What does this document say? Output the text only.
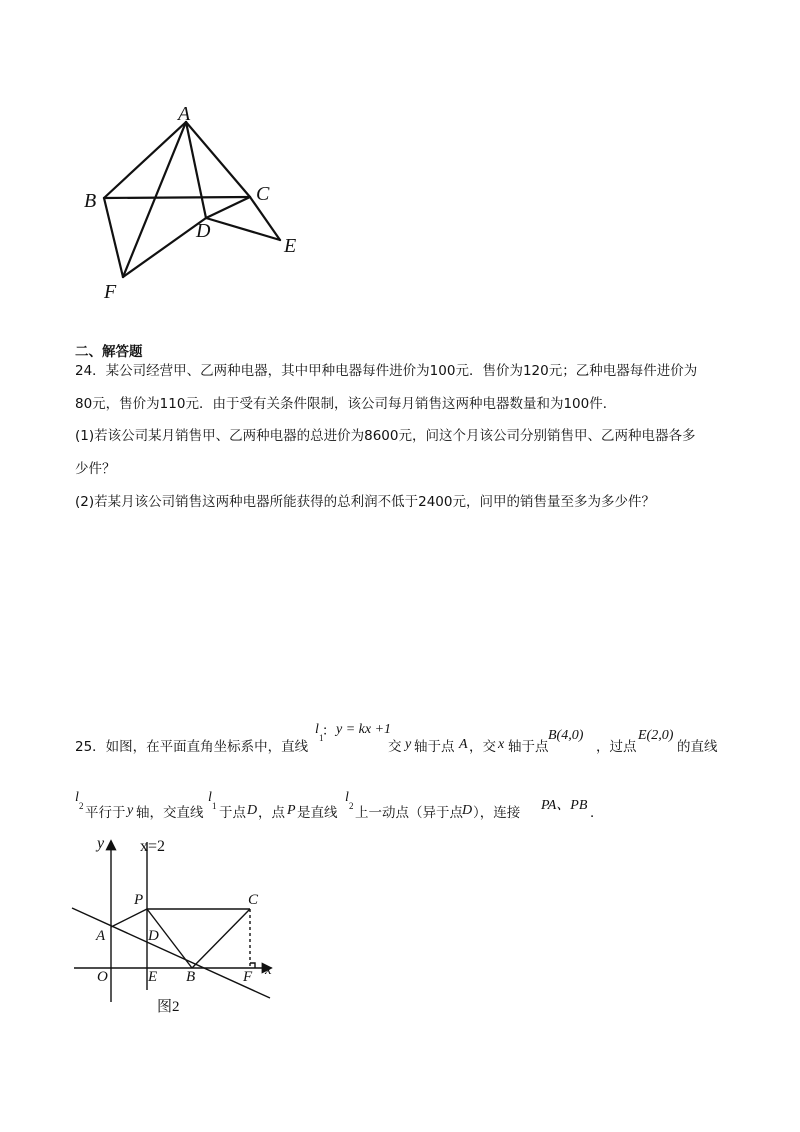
A
B	C
D
E
F
二、解答题
24．某公司经营甲、乙两种电器，其中甲种电器每件进价为100元．售价为120元；乙种电器每件进价为
80元，售价为110元．由于受有关条件限制，该公司每月销售这两种电器数量和为100件．
(1)若该公司某月销售甲、乙两种电器的总进价为8600元，问这个月该公司分别销售甲、乙两种电器各多
少件？
(2)若某月该公司销售这两种电器所能获得的总利润不低于2400元，问甲的销售量至多为多少件？
25．如图，在平面直角坐标系中，直线
l
1
： y = kx +1
交 y 轴于点 A ，交 x 轴于点
B(4,0)
，过点
E(2,0)
的直线
l
2 平行于 y 轴，交直线
l
1 于点 D ，点 P 是直线
l
2 上一动点（异于点 D ），连接 PA、PB ．
y x=2
P	C
A	D
O	E B	F x
图2
